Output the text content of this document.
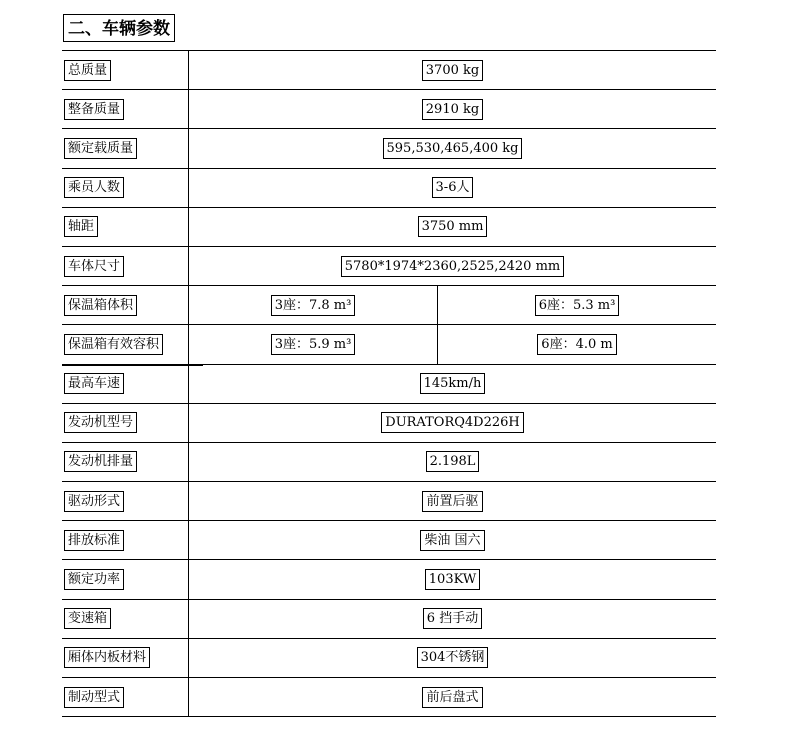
二、车辆参数
总质量	3700 kg
整备质量	2910 kg
额定载质量	595,530,465,400 kg
乘员人数	3-6人
轴距	3750 mm
车体尺寸	5780*1974*2360,2525,2420 mm
保温箱体积	3座：7.8 m³	6座：5.3 m³
保温箱有效容积	3座：5.9 m³	6座：4.0 m
最高车速	145km/h
发动机型号	DURATORQ4D226H
发动机排量	2.198L
驱动形式	前置后驱
排放标准	柴油 国六
额定功率	103KW
变速箱	6 挡手动
厢体内板材料	304不锈钢
制动型式	前后盘式
